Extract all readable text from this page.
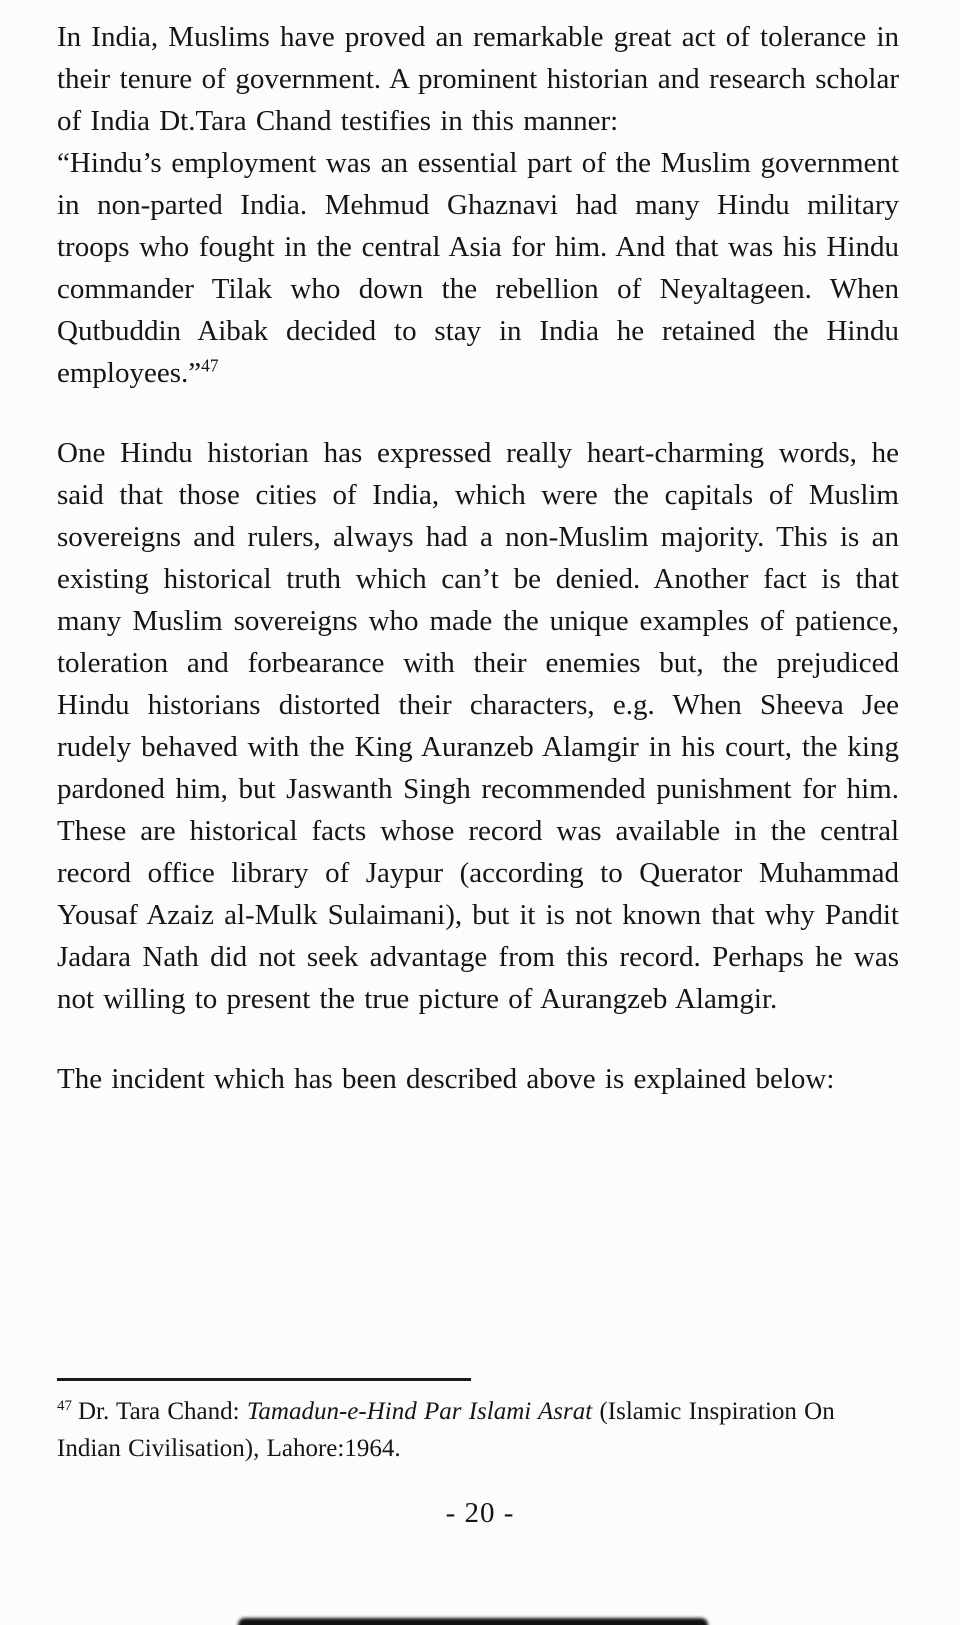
In India, Muslims have proved an remarkable great act of tolerance in their tenure of government. A prominent historian and research scholar of India Dt.Tara Chand testifies in this manner:

“Hindu’s employment was an essential part of the Muslim government in non-parted India. Mehmud Ghaznavi had many Hindu military troops who fought in the central Asia for him. And that was his Hindu commander Tilak who down the rebellion of Neyaltageen. When Qutbuddin Aibak decided to stay in India he retained the Hindu employees.”$^{47}$

One Hindu historian has expressed really heart-charming words, he said that those cities of India, which were the capitals of Muslim sovereigns and rulers, always had a non-Muslim majority. This is an existing historical truth which can’t be denied. Another fact is that many Muslim sovereigns who made the unique examples of patience, toleration and forbearance with their enemies but, the prejudiced Hindu historians distorted their characters, e.g. When Sheeva Jee rudely behaved with the King Auranzeb Alamgir in his court, the king pardoned him, but Jaswanth Singh recommended punishment for him. These are historical facts whose record was available in the central record office library of Jaypur (according to Querator Muhammad Yousaf Azaiz al-Mulk Sulaimani), but it is not known that why Pandit Jadara Nath did not seek advantage from this record. Perhaps he was not willing to present the true picture of Aurangzeb Alamgir.

The incident which has been described above is explained below:

$^{47}$ Dr. Tara Chand: Tamadun-e-Hind Par Islami Asrat (Islamic Inspiration On Indian Civilisation), Lahore:1964.

- 20 -
